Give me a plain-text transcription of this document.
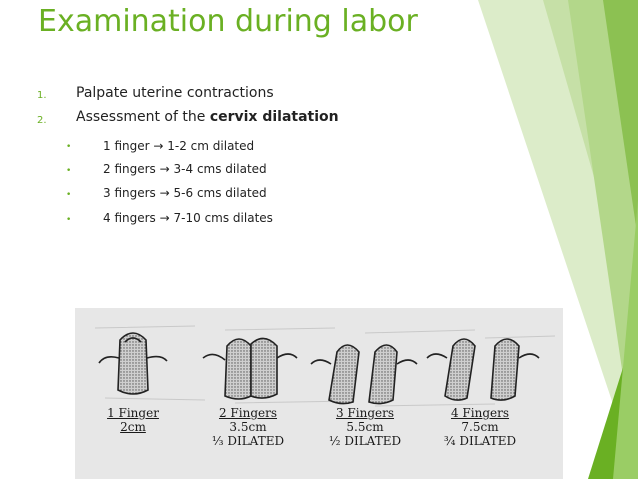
Examination during labor
1. Palpate uterine contractions
2. Assessment of the cervix dilatation
•	1 finger → 1-2 cm dilated
•	2 fingers → 3-4 cms dilated
•	3 fingers → 5-6 cms dilated
•	4 fingers → 7-10 cms dilates
1 Finger
2cm
2 Fingers
3.5cm
⅓ DILATED
3 Fingers
5.5cm
½ DILATED
4 Fingers
7.5cm
¾ DILATED
